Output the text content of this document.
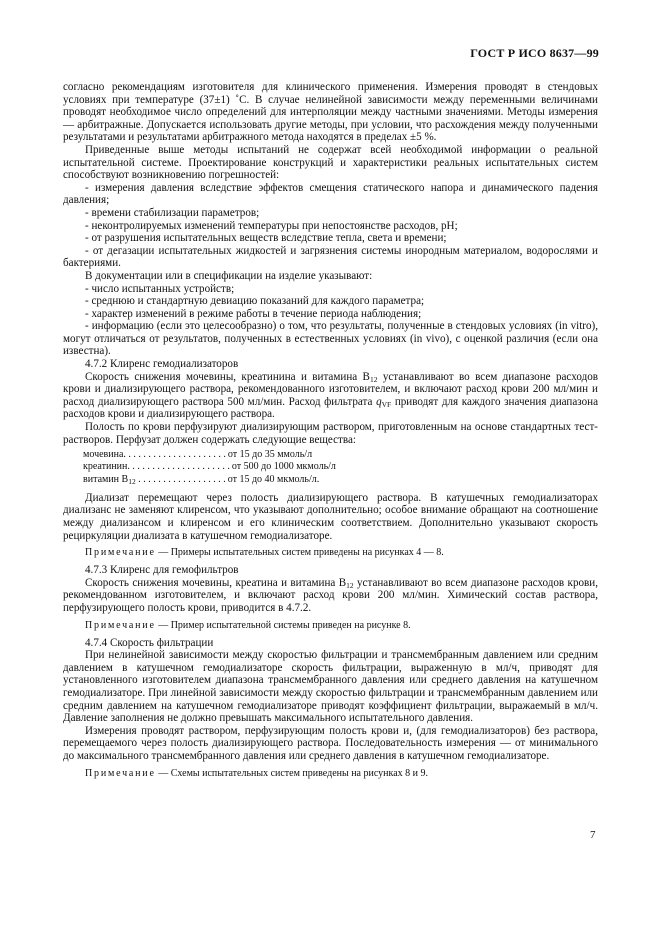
ГОСТ Р ИСО 8637—99

согласно рекомендациям изготовителя для клинического применения. Измерения проводят в стендовых условиях при температуре (37±1) ˚С. В случае нелинейной зависимости между переменными величинами проводят необходимое число определений для интерполяции между частными значениями. Методы измерения — арбитражные. Допускается использовать другие методы, при условии, что расхождения между полученными результатами и результатами арбитражного метода находятся в пределах ±5 %.

Приведенные выше методы испытаний не содержат всей необходимой информации о реальной испытательной системе. Проектирование конструкций и характеристики реальных испытательных систем способствуют возникновению погрешностей:

- измерения давления вследствие эффектов смещения статического напора и динамического падения давления;

- времени стабилизации параметров;

- неконтролируемых изменений температуры при непостоянстве расходов, pH;

- от разрушения испытательных веществ вследствие тепла, света и времени;

- от дегазации испытательных жидкостей и загрязнения системы инородным материалом, водорослями и бактериями.

В документации или в спецификации на изделие указывают:

- число испытанных устройств;

- среднюю и стандартную девиацию показаний для каждого параметра;

- характер изменений в режиме работы в течение периода наблюдения;

- информацию (если это целесообразно) о том, что результаты, полученные в стендовых условиях (in vitro), могут отличаться от результатов, полученных в естественных условиях (in vivo), с оценкой различия (если она известна).

4.7.2 Клиренс гемодиализаторов

Скорость снижения мочевины, креатинина и витамина $B_{12}$ устанавливают во всем диапазоне расходов крови и диализирующего раствора, рекомендованного изготовителем, и включают расход крови 200 мл/мин и расход диализирующего раствора 500 мл/мин. Расход фильтрата $q_{VF}$ приводят для каждого значения диапазона расходов крови и диализирующего раствора.

Полость по крови перфузируют диализирующим раствором, приготовленным на основе стандартных тест-растворов. Перфузат должен содержать следующие вещества:

мочевина . . . . . . . . . . . . . . . . . . . . . от 15 до 35 ммоль/л
креатинин . . . . . . . . . . . . . . . . . . . . . от 500 до 1000 мкмоль/л
витамин $B_{12}$ . . . . . . . . . . . . . . . . . . от 15 до 40 мкмоль/л.

Диализат перемещают через полость диализирующего раствора. В катушечных гемодиализаторах диализанс не заменяют клиренсом, что указывают дополнительно; особое внимание обращают на соотношение между диализансом и клиренсом и его клиническим соответствием. Дополнительно указывают скорость рециркуляции диализата в катушечном гемодиализаторе.

Примечание — Примеры испытательных систем приведены на рисунках 4 — 8.

4.7.3 Клиренс для гемофильтров

Скорость снижения мочевины, креатина и витамина $B_{12}$ устанавливают во всем диапазоне расходов крови, рекомендованном изготовителем, и включают расход крови 200 мл/мин. Химический состав раствора, перфузирующего полость крови, приводится в 4.7.2.

Примечание — Пример испытательной системы приведен на рисунке 8.

4.7.4 Скорость фильтрации

При нелинейной зависимости между скоростью фильтрации и трансмембранным давлением или средним давлением в катушечном гемодиализаторе скорость фильтрации, выраженную в мл/ч, приводят для установленного изготовителем диапазона трансмембранного давления или среднего давления на катушечном гемодиализаторе. При линейной зависимости между скоростью фильтрации и трансмембранным давлением или средним давлением на катушечном гемодиализаторе приводят коэффициент фильтрации, выражаемый в мл/ч. Давление заполнения не должно превышать максимального испытательного давления.

Измерения проводят раствором, перфузирующим полость крови и, (для гемодиализаторов) без раствора, перемещаемого через полость диализирующего раствора. Последовательность измерения — от минимального до максимального трансмембранного давления или среднего давления в катушечном гемодиализаторе.

Примечание — Схемы испытательных систем приведены на рисунках 8 и 9.

7
